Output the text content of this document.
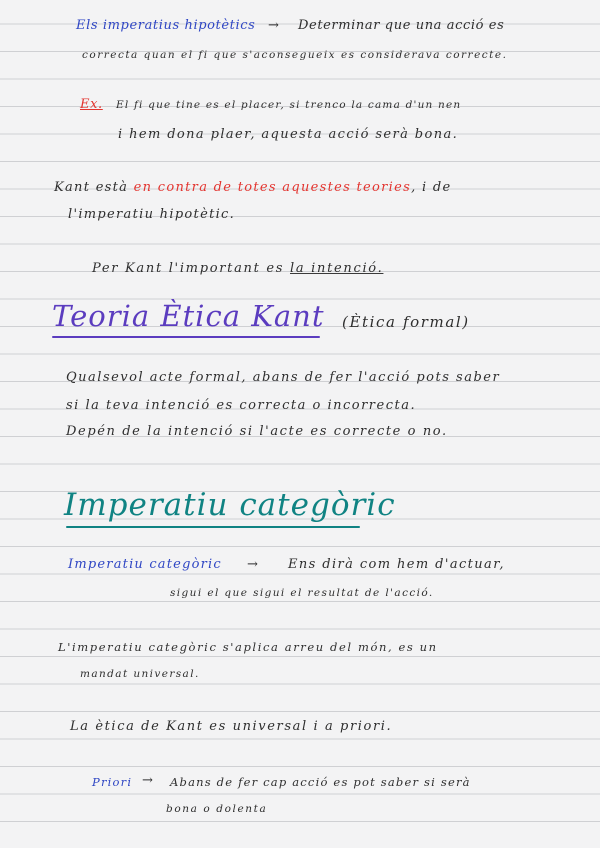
Els imperatius hipotètics → Determinar que una acció es
correcta quan el fi que s'aconsegueix es considerava correcte.
Ex. El fi que tine es el placer, si trenco la cama d'un nen
i hem dona plaer, aquesta acció serà bona.
Kant està en contra de totes aquestes teories, i de
l'imperatiu hipotètic.
Per Kant l'important es la intenció.
Teoria Ètica Kant (Ètica formal)
Qualsevol acte formal, abans de fer l'acció pots saber
si la teva intenció es correcta o incorrecta.
Depén de la intenció si l'acte es correcte o no.
Imperatiu categòric
Imperatiu categòric → Ens dirà com hem d'actuar,
sigui el que sigui el resultat de l'acció.
L'imperatiu categòric s'aplica arreu del món, es un
mandat universal.
La ètica de Kant es universal i a priori.
Priori → Abans de fer cap acció es pot saber si serà
bona o dolenta
